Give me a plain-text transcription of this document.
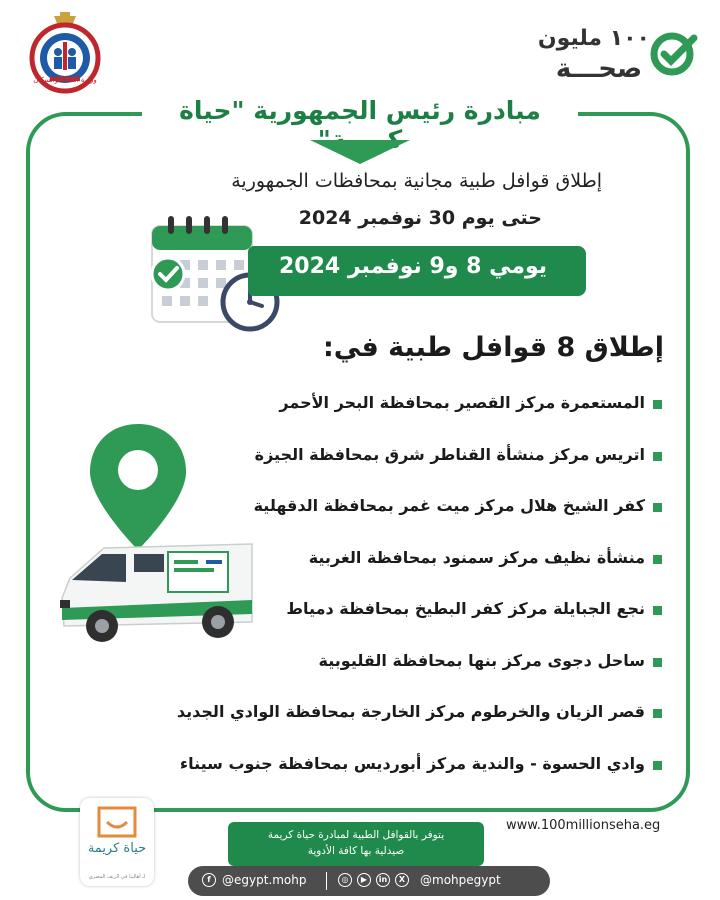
وزارة الصحة والسكان
١٠٠ مليون
صحـــة
مبادرة رئيس الجمهورية "حياة كريمة"
إطلاق قوافل طبية مجانية بمحافظات الجمهورية
حتى يوم 30 نوفمبر 2024
يومي 8 و9 نوفمبر 2024
إطلاق 8 قوافل طبية في:
المستعمرة مركز القصير بمحافظة البحر الأحمر
اتريس مركز منشأة القناطر شرق بمحافظة الجيزة
كفر الشيخ هلال مركز ميت غمر بمحافظة الدقهلية
منشأة نظيف مركز سمنود بمحافظة الغربية
نجع الجبايلة مركز كفر البطيخ بمحافظة دمياط
ساحل دجوى مركز بنها بمحافظة القليوبية
قصر الزيان والخرطوم مركز الخارجة بمحافظة الوادي الجديد
وادي الحسوة - والندية مركز أبورديس بمحافظة جنوب سيناء
حياة كريمة
لـ أهالينا في الريف المصري
www.100millionseha.eg
يتوفر بالقوافل الطبية لمبادرة حياة كريمة
صيدلية بها كافة الأدوية
f @egypt.mohp	◎	▶	in	X	@mohpegypt
